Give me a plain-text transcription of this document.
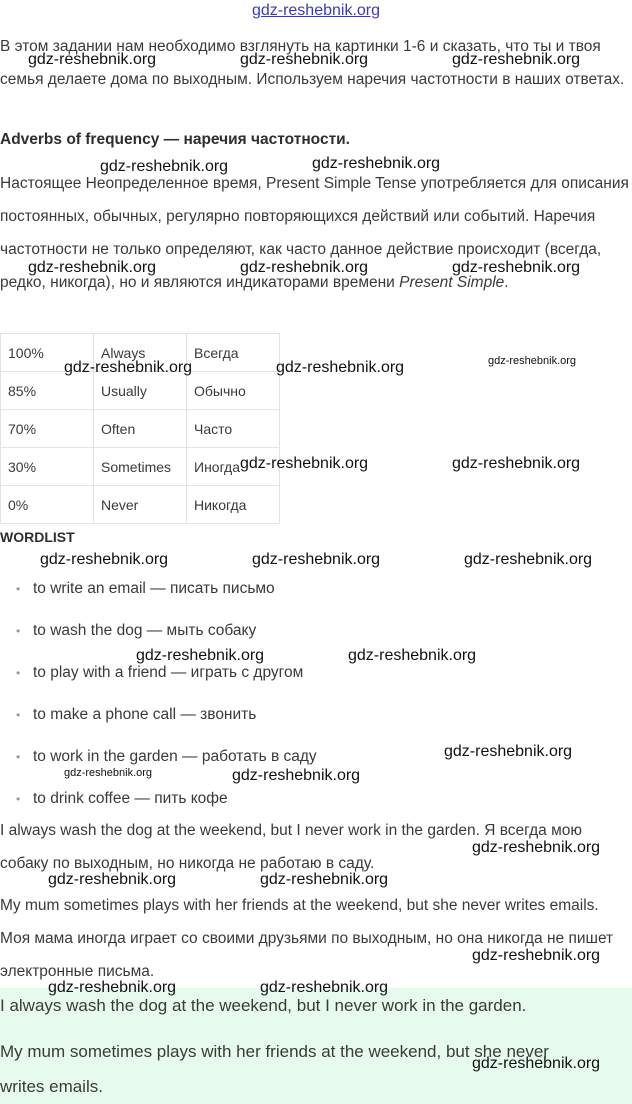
gdz-reshebnik.org

В этом задании нам необходимо взглянуть на картинки 1-6 и сказать, что ты и твоя семья делаете дома по выходным. Используем наречия частотности в наших ответах.

Adverbs of frequency — наречия частотности.

Настоящее Неопределенное время, Present Simple Tense употребляется для описания постоянных, обычных, регулярно повторяющихся действий или событий. Наречия частотности не только определяют, как часто данное действие происходит (всегда, редко, никогда), но и являются индикаторами времени Present Simple.

100%	Always	Всегда
85%	Usually	Обычно
70%	Often	Часто
30%	Sometimes	Иногда
0%	Never	Никогда
WORDLIST
• to write an email — писать письмо
• to wash the dog — мыть собаку
• to play with a friend — играть с другом
• to make a phone call — звонить
• to work in the garden — работать в саду
• to drink coffee — пить кофе

I always wash the dog at the weekend, but I never work in the garden. Я всегда мою собаку по выходным, но никогда не работаю в саду.

My mum sometimes plays with her friends at the weekend, but she never writes emails. Моя мама иногда играет со своими друзьями по выходным, но она никогда не пишет электронные письма.

I always wash the dog at the weekend, but I never work in the garden.
My mum sometimes plays with her friends at the weekend, but she never
writes emails.
gdz-reshebnik.org	gdz-reshebnik.org	gdz-reshebnik.org
gdz-reshebnik.org	gdz-reshebnik.org
gdz-reshebnik.org	gdz-reshebnik.org	gdz-reshebnik.org
gdz-reshebnik.org	gdz-reshebnik.org	gdz-reshebnik.org
gdz-reshebnik.org	gdz-reshebnik.org
gdz-reshebnik.org	gdz-reshebnik.org	gdz-reshebnik.org
gdz-reshebnik.org	gdz-reshebnik.org
gdz-reshebnik.org
gdz-reshebnik.org	gdz-reshebnik.org
gdz-reshebnik.org
gdz-reshebnik.org	gdz-reshebnik.org
gdz-reshebnik.org
gdz-reshebnik.org	gdz-reshebnik.org
gdz-reshebnik.org
